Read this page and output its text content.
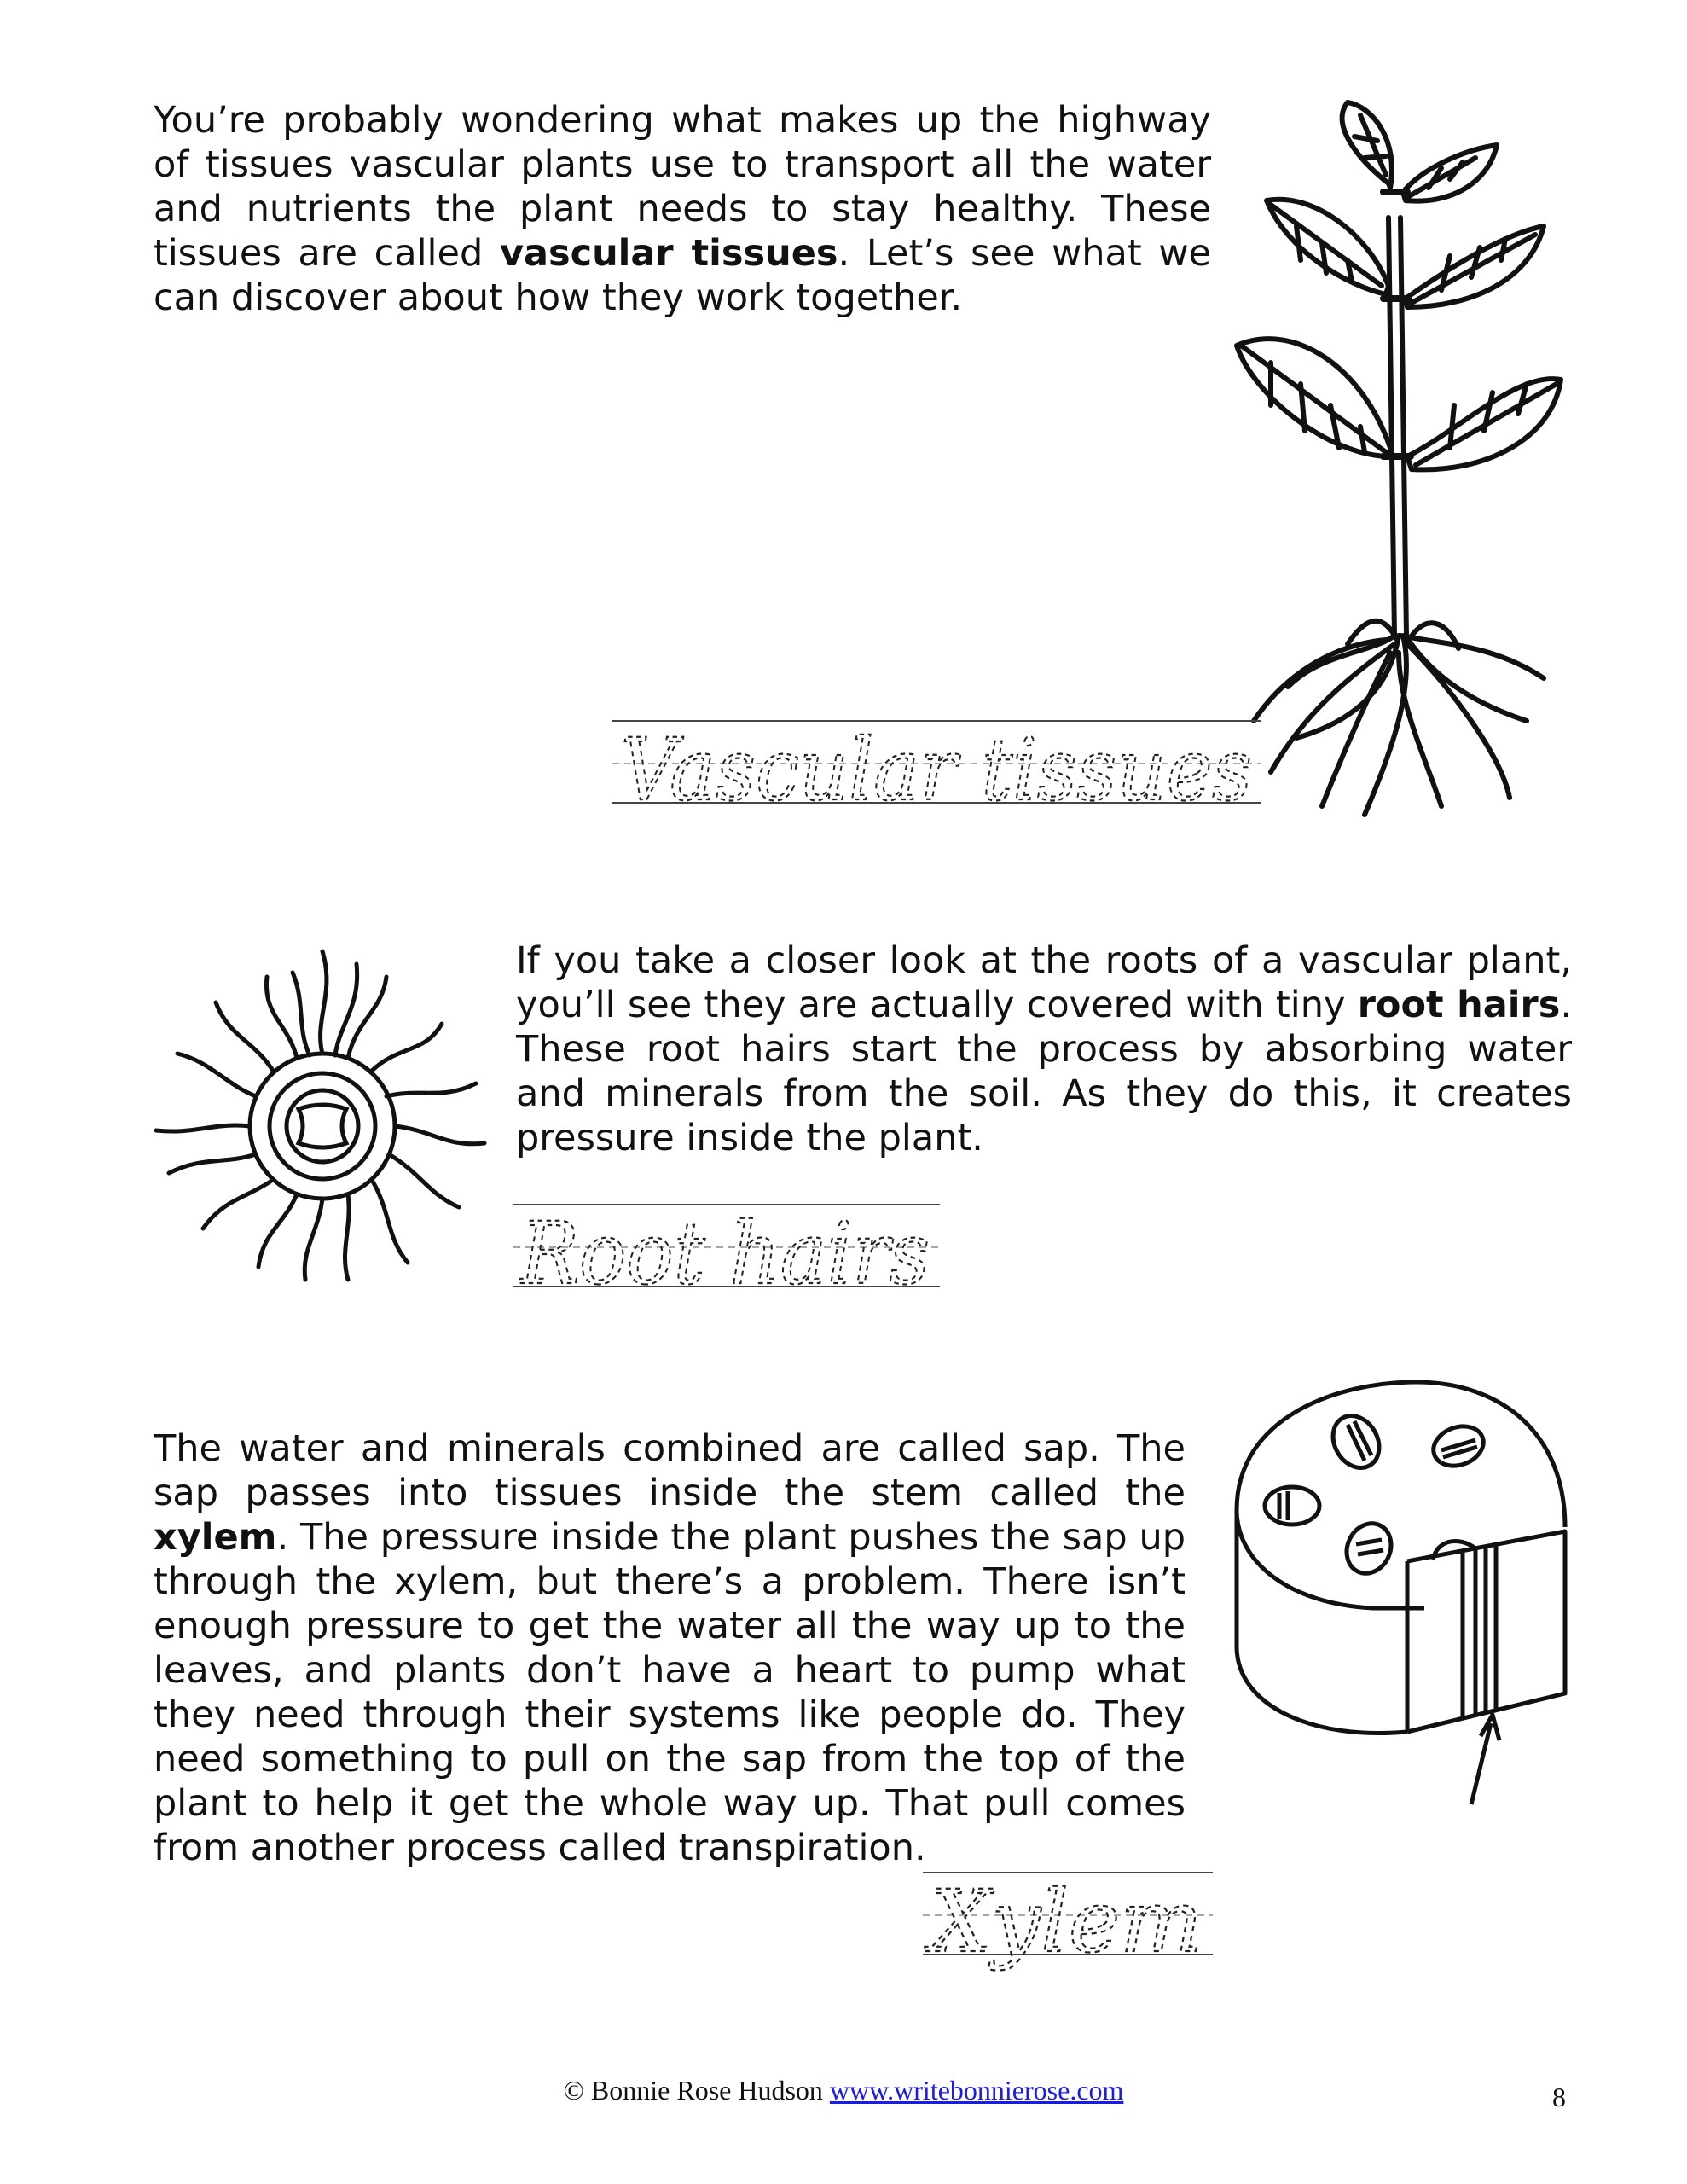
You’re probably wondering what makes up the highway of tissues vascular plants use to transport all the water and nutrients the plant needs to stay healthy. These tissues are called vascular tissues. Let’s see what we can discover about how they work together.

Vascular tissues

If you take a closer look at the roots of a vascular plant, you’ll see they are actually covered with tiny root hairs. These root hairs start the process by absorbing water and minerals from the soil. As they do this, it creates pressure inside the plant.

Root hairs

The water and minerals combined are called sap. The sap passes into tissues inside the stem called the xylem. The pressure inside the plant pushes the sap up through the xylem, but there’s a problem. There isn’t enough pressure to get the water all the way up to the leaves, and plants don’t have a heart to pump what they need through their systems like people do. They need something to pull on the sap from the top of the plant to help it get the whole way up. That pull comes from another process called transpiration.

Xylem
© Bonnie Rose Hudson www.writebonnierose.com	8
